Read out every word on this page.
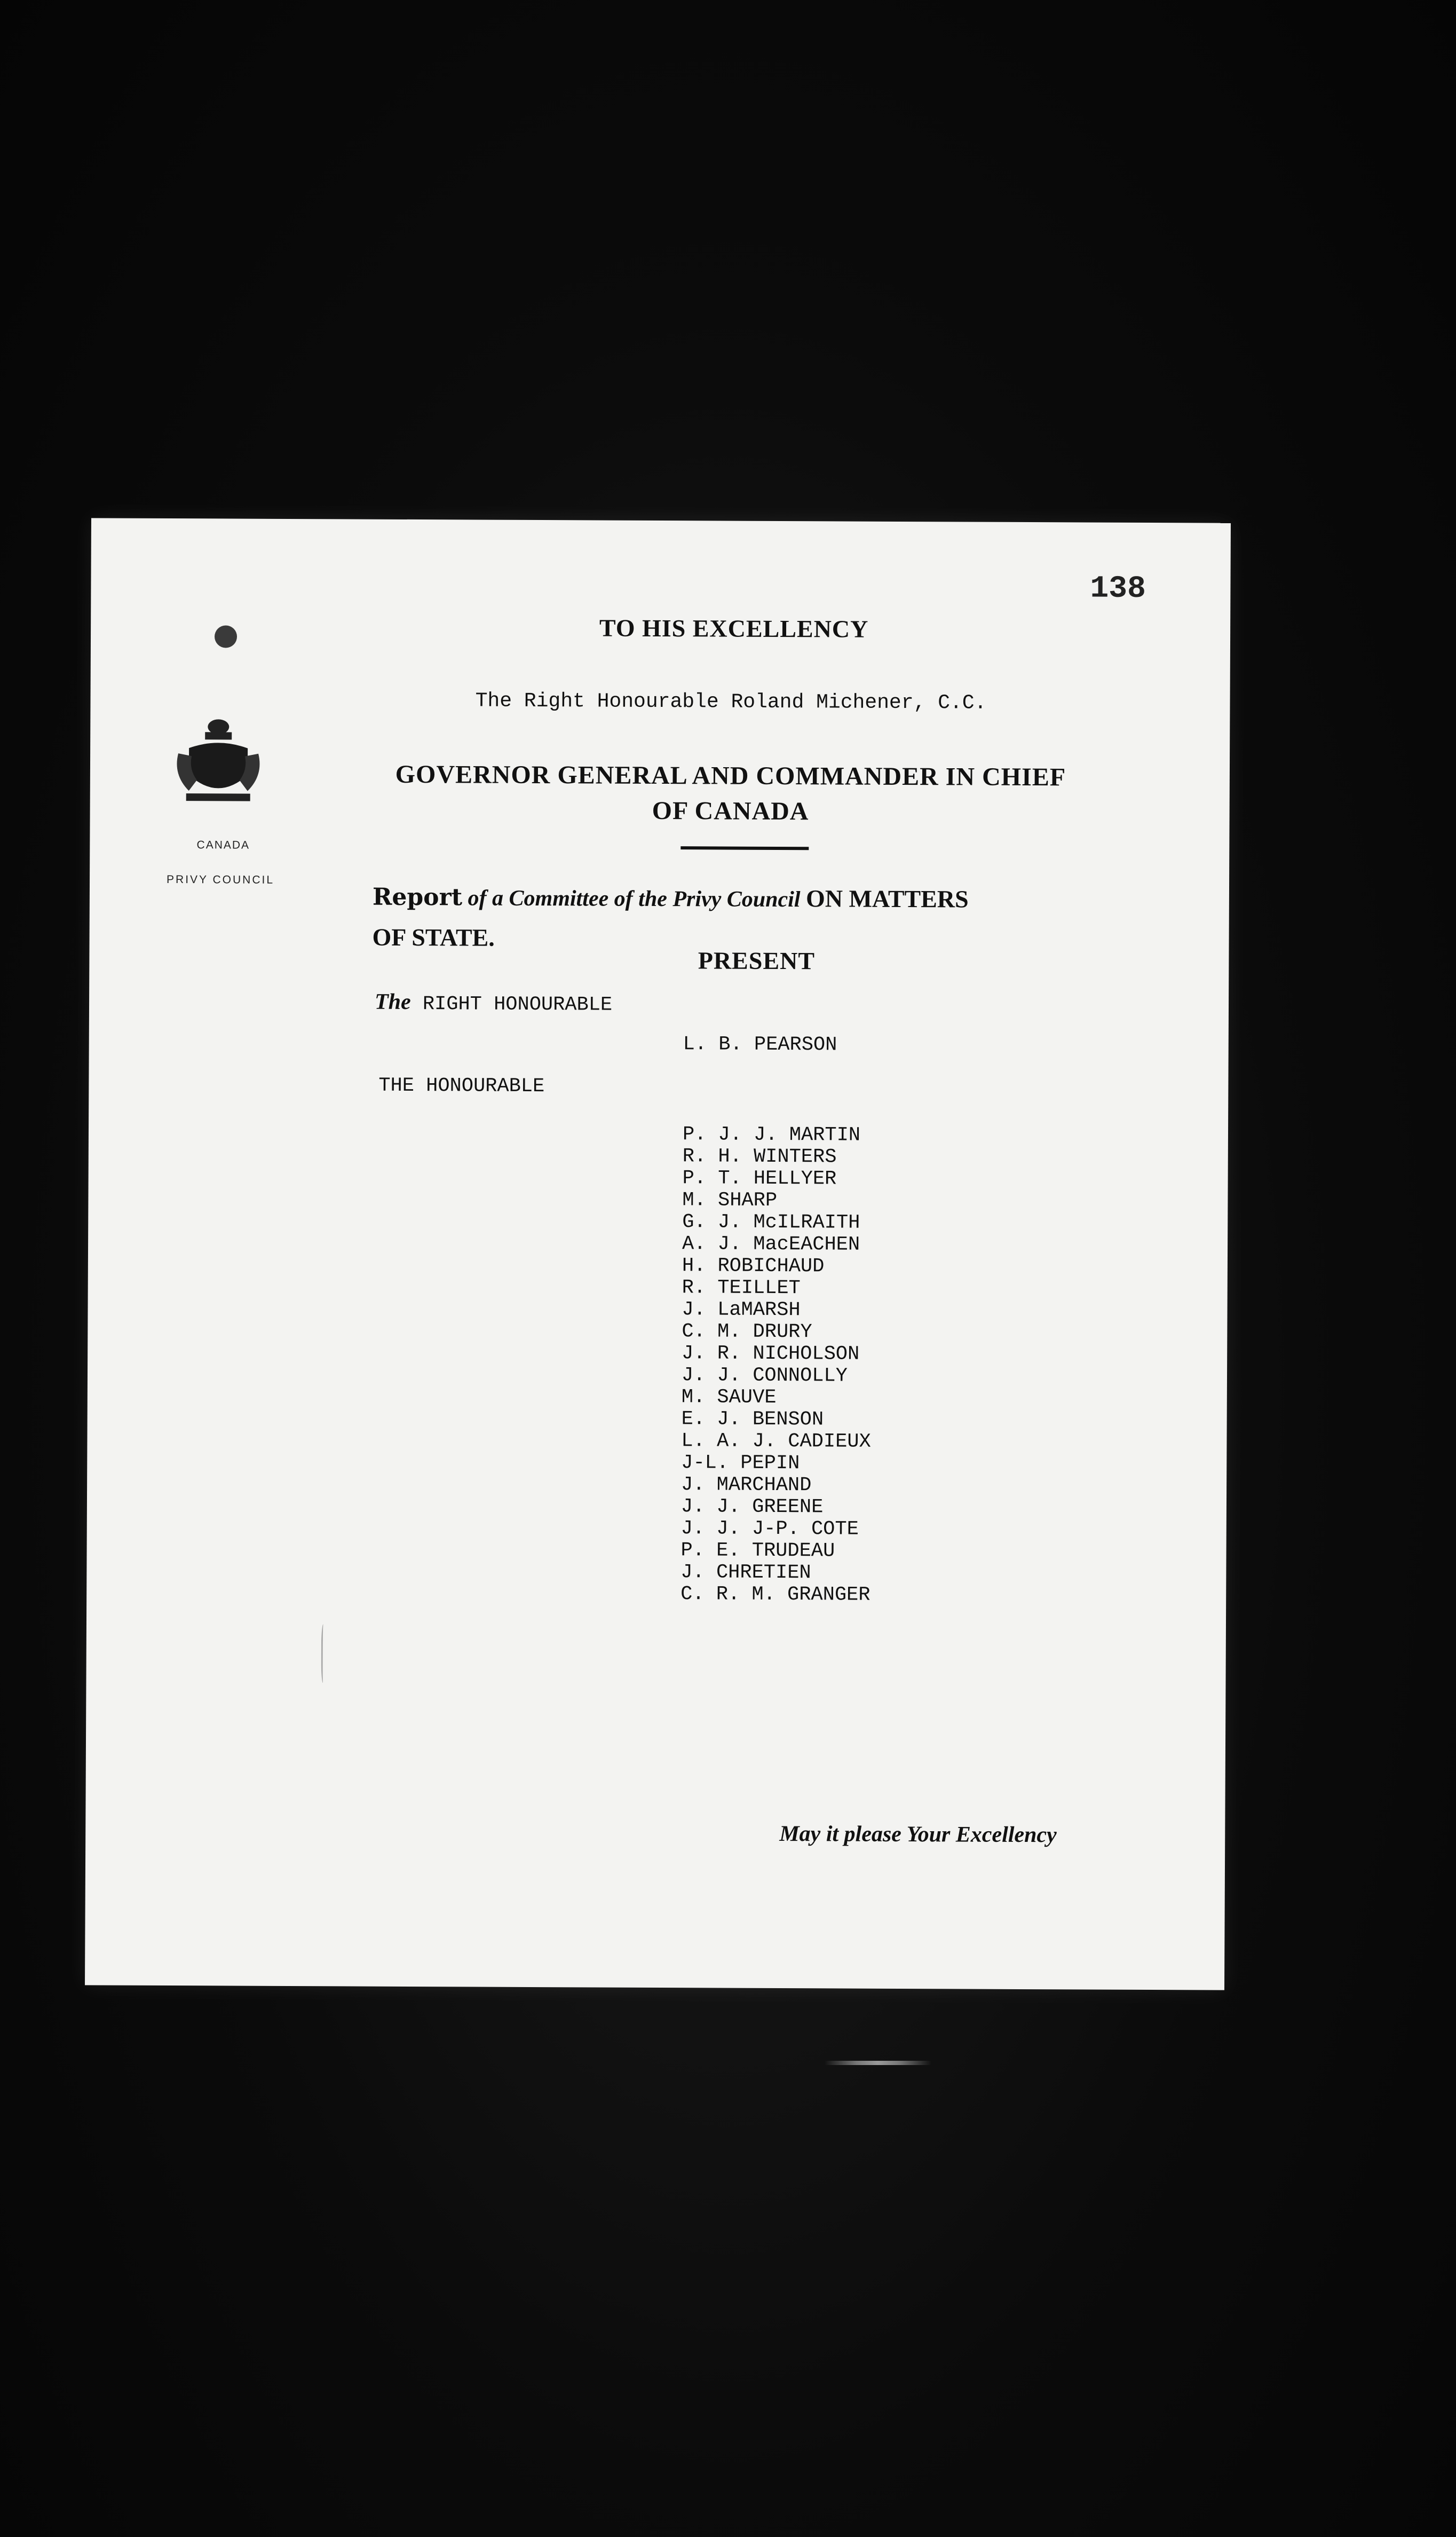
138
CANADA
PRIVY COUNCIL
TO HIS EXCELLENCY
The Right Honourable Roland Michener, C.C.
GOVERNOR GENERAL AND COMMANDER IN CHIEF
OF CANADA
Report of a Committee of the Privy Council ON MATTERS
OF STATE.
PRESENT
The RIGHT HONOURABLE
L. B. PEARSON
THE HONOURABLE
P. J. J. MARTIN
R. H. WINTERS
P. T. HELLYER
M. SHARP
G. J. McILRAITH
A. J. MacEACHEN
H. ROBICHAUD
R. TEILLET
J. LaMARSH
C. M. DRURY
J. R. NICHOLSON
J. J. CONNOLLY
M. SAUVE
E. J. BENSON
L. A. J. CADIEUX
J-L. PEPIN
J. MARCHAND
J. J. GREENE
J. J. J-P. COTE
P. E. TRUDEAU
J. CHRETIEN
C. R. M. GRANGER
May it please Your Excellency
